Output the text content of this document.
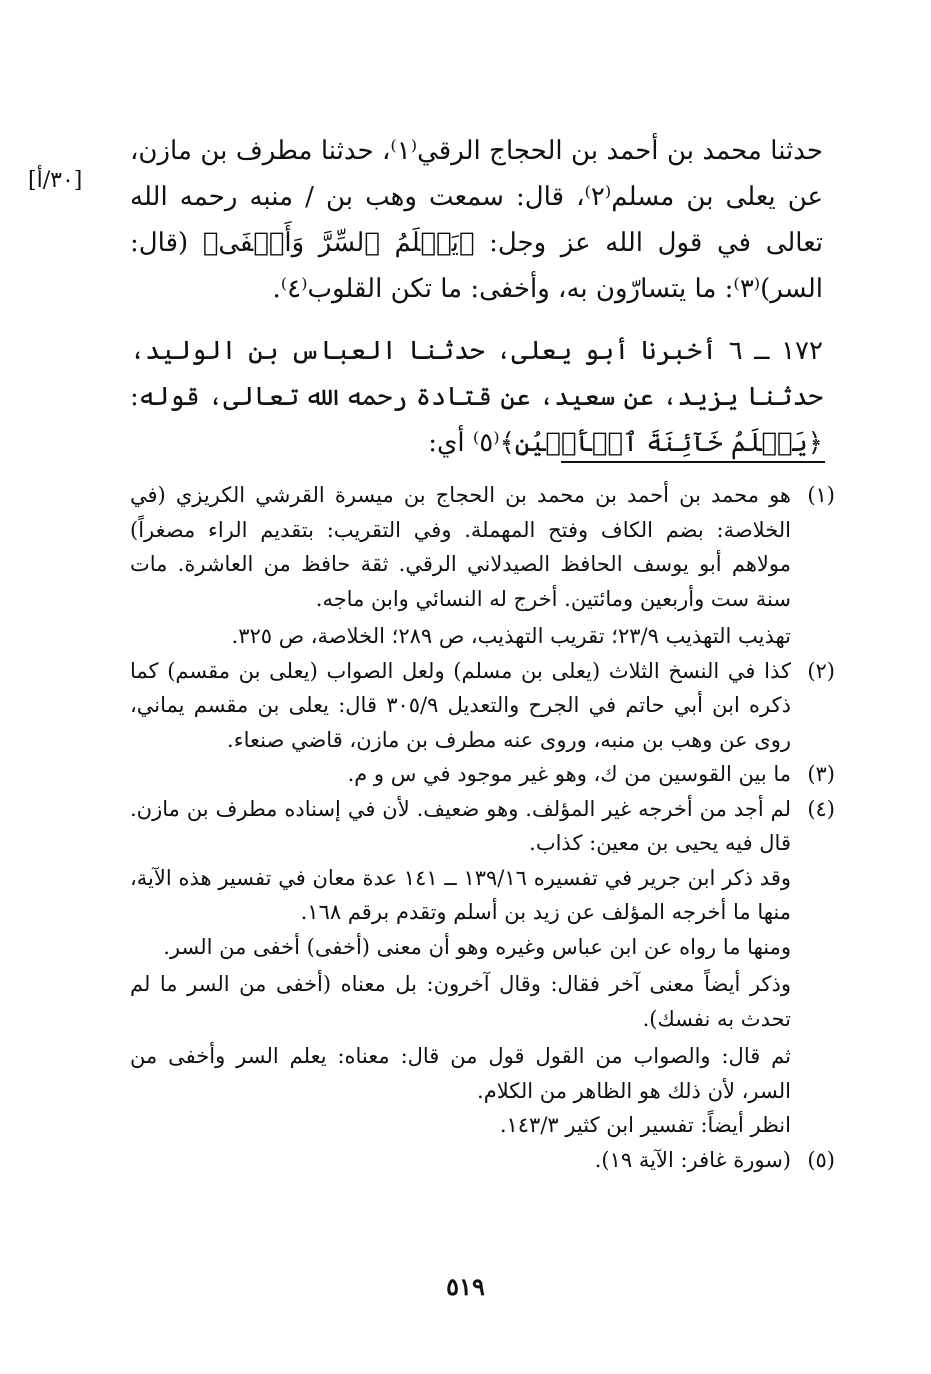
[٣٠/أ]

حدثنا محمد بن أحمد بن الحجاج الرقي⁽١⁾، حدثنا مطرف بن مازن، عن يعلى بن مسلم⁽٢⁾، قال: سمعت وهب بن / منبه رحمه الله تعالى في قول الله عز وجل: ﴿يَعۡلَمُ ٱلسِّرَّ وَأَخۡفَى﴾ (قال: السر)⁽٣⁾: ما يتسارّون به، وأخفى: ما تكن القلوب⁽٤⁾.

١٧٢ ــ ٦ أخبرنا أبو يعلى، حدثنا العباس بن الوليد، حدثنا يزيد، عن سعيد، عن قتادة رحمه الله تعالى، قوله: ﴿يَعۡلَمُ خَآئِنَةَ ٱلۡأَعۡيُنِ﴾⁽٥⁾ أي:

(١)
هو محمد بن أحمد بن محمد بن الحجاج بن ميسرة القرشي الكريزي (في الخلاصة: بضم الكاف وفتح المهملة. وفي التقريب: بتقديم الراء مصغراً) مولاهم أبو يوسف الحافظ الصيدلاني الرقي. ثقة حافظ من العاشرة. مات سنة ست وأربعين ومائتين. أخرج له النسائي وابن ماجه.
تهذيب التهذيب ٢٣/٩؛ تقريب التهذيب، ص ٢٨٩؛ الخلاصة، ص ٣٢٥.
(٢)
كذا في النسخ الثلاث (يعلى بن مسلم) ولعل الصواب (يعلى بن مقسم) كما ذكره ابن أبي حاتم في الجرح والتعديل ٣٠٥/٩ قال: يعلى بن مقسم يماني، روى عن وهب بن منبه، وروى عنه مطرف بن مازن، قاضي صنعاء.
(٣)
ما بين القوسين من ك، وهو غير موجود في س و م.
(٤)
لم أجد من أخرجه غير المؤلف. وهو ضعيف. لأن في إسناده مطرف بن مازن. قال فيه يحيى بن معين: كذاب.
وقد ذكر ابن جرير في تفسيره ١٣٩/١٦ ــ ١٤١ عدة معان في تفسير هذه الآية، منها ما أخرجه المؤلف عن زيد بن أسلم وتقدم برقم ١٦٨.
ومنها ما رواه عن ابن عباس وغيره وهو أن معنى (أخفى) أخفى من السر.
وذكر أيضاً معنى آخر فقال: وقال آخرون: بل معناه (أخفى من السر ما لم تحدث به نفسك).
ثم قال: والصواب من القول قول من قال: معناه: يعلم السر وأخفى من السر، لأن ذلك هو الظاهر من الكلام.
انظر أيضاً: تفسير ابن كثير ١٤٣/٣.
(٥)
(سورة غافر: الآية ١٩).
٥١٩
